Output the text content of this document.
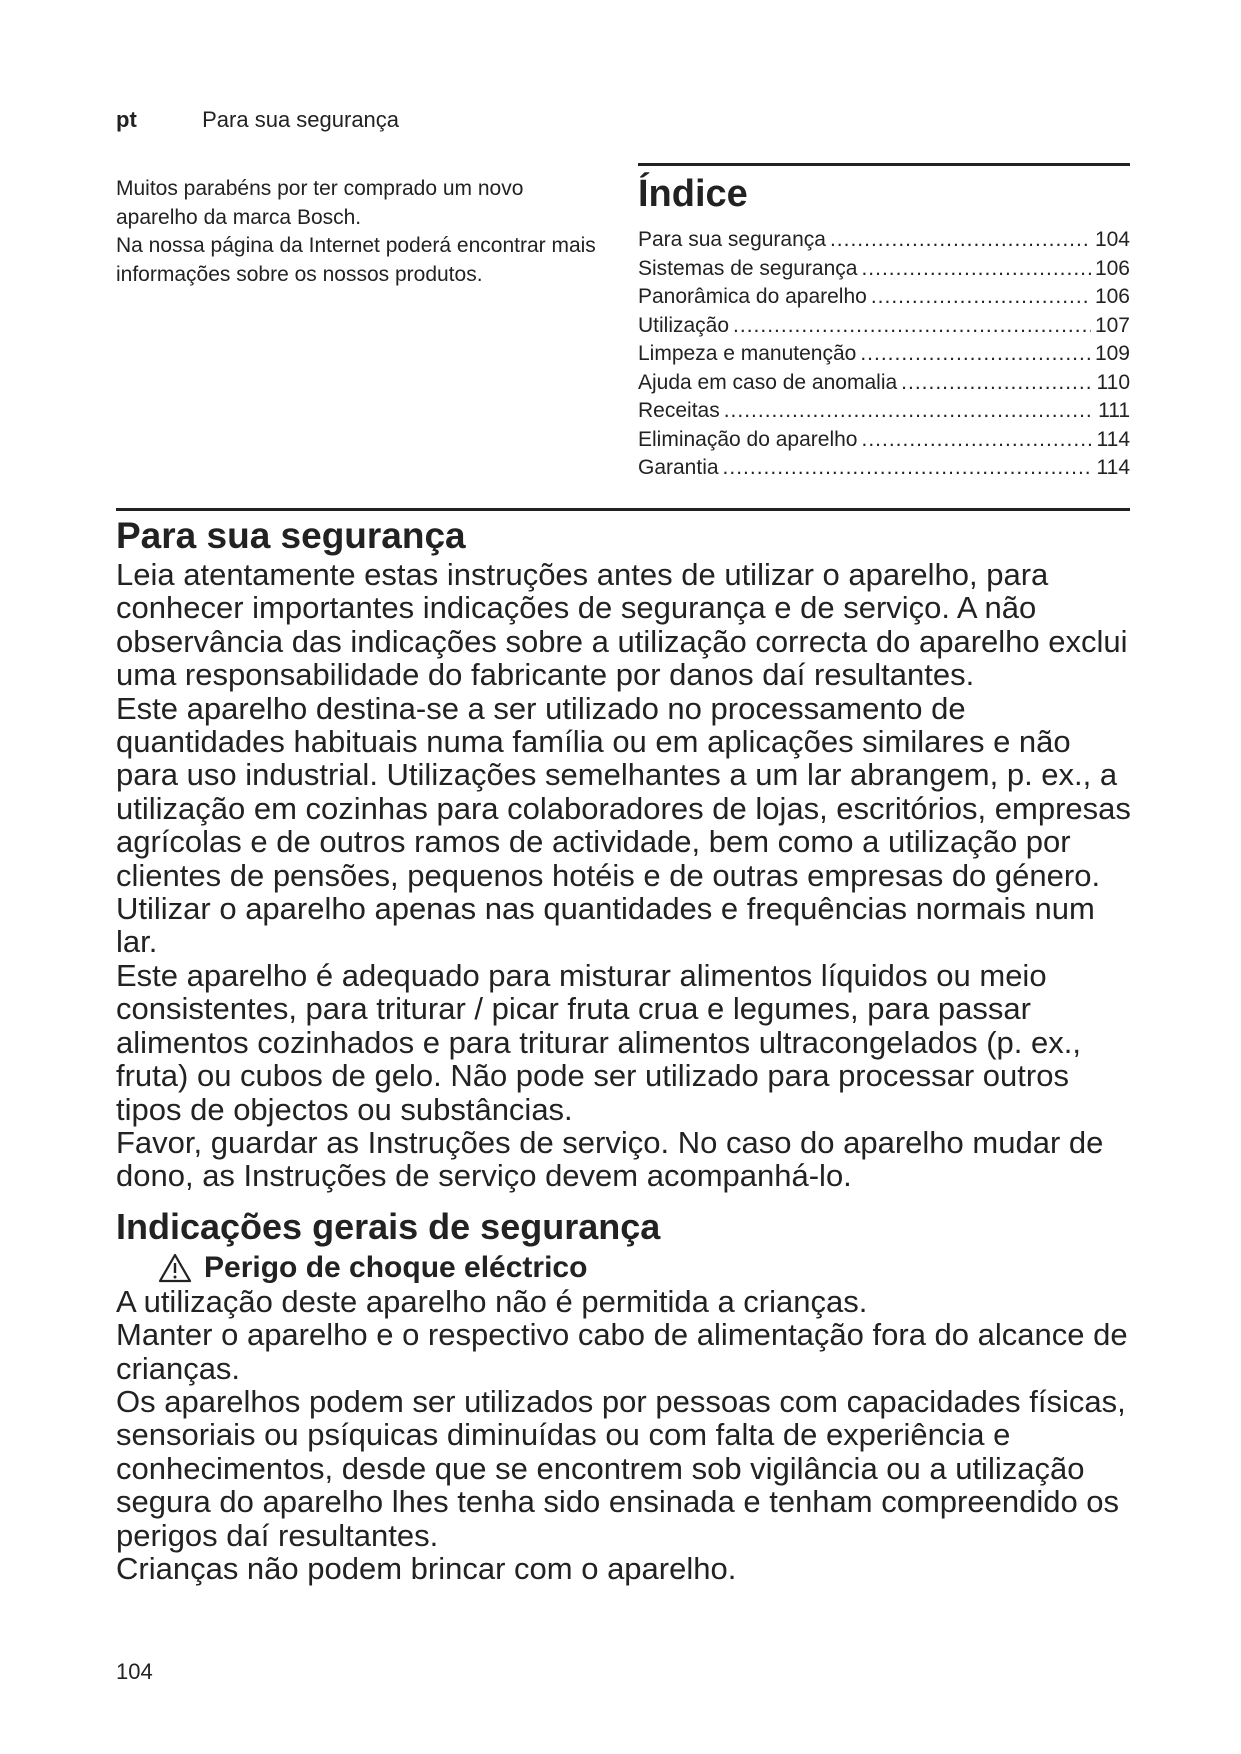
pt	Para sua segurança

Muitos parabéns por ter comprado um novo aparelho da marca Bosch.

Na nossa página da Internet poderá encontrar mais informações sobre os nossos produtos.

Índice
Para sua segurança .....	104
Sistemas de segurança .....	106
Panorâmica do aparelho .....	106
Utilização .....	107
Limpeza e manutenção .....	109
Ajuda em caso de anomalia .....	110
Receitas .....	111
Eliminação do aparelho .....	114
Garantia .....	114
Para sua segurança

Leia atentamente estas instruções antes de utilizar o aparelho, para conhecer importantes indicações de segurança e de serviço. A não observância das indicações sobre a utilização correcta do aparelho exclui uma responsabilidade do fabricante por danos daí resultantes.

Este aparelho destina-se a ser utilizado no processamento de quantidades habituais numa família ou em aplicações similares e não para uso industrial. Utilizações semelhantes a um lar abrangem, p. ex., a utilização em cozinhas para colaboradores de lojas, escritórios, empresas agrícolas e de outros ramos de actividade, bem como a utilização por clientes de pensões, pequenos hotéis e de outras empresas do género. Utilizar o aparelho apenas nas quantidades e frequências normais num lar.

Este aparelho é adequado para misturar alimentos líquidos ou meio consistentes, para triturar / picar fruta crua e legumes, para passar alimentos cozinhados e para triturar alimentos ultracongelados (p. ex., fruta) ou cubos de gelo. Não pode ser utilizado para processar outros tipos de objectos ou substâncias.

Favor, guardar as Instruções de serviço. No caso do aparelho mudar de dono, as Instruções de serviço devem acompanhá-lo.

Indicações gerais de segurança
Perigo de choque eléctrico

A utilização deste aparelho não é permitida a crianças.

Manter o aparelho e o respectivo cabo de alimentação fora do alcance de crianças.

Os aparelhos podem ser utilizados por pessoas com capacidades físicas, sensoriais ou psíquicas diminuídas ou com falta de experiência e conhecimentos, desde que se encontrem sob vigilância ou a utilização segura do aparelho lhes tenha sido ensinada e tenham compreendido os perigos daí resultantes.

Crianças não podem brincar com o aparelho.

104
